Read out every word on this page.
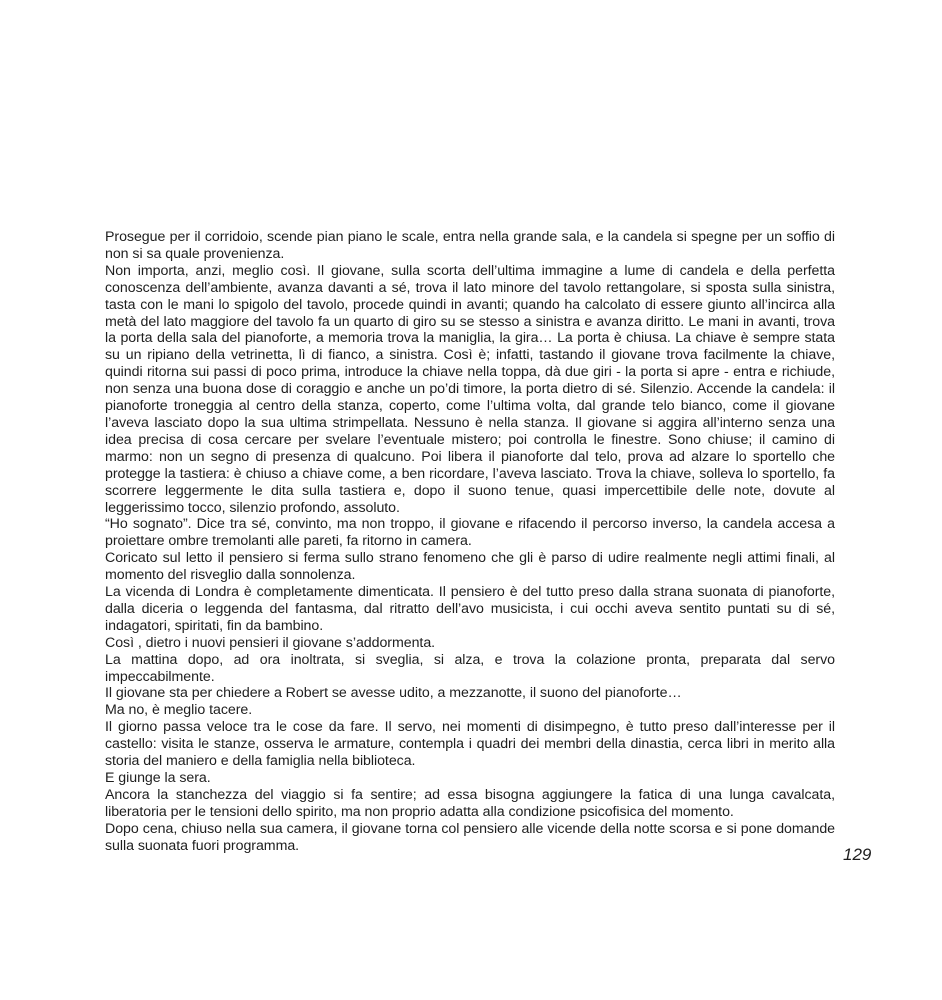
Prosegue per il corridoio, scende pian piano le scale, entra nella grande sala, e la candela si spegne per un soffio di non si sa quale provenienza.

Non importa, anzi, meglio così. Il giovane, sulla scorta dell’ultima immagine a lume di candela e della perfetta conoscenza dell’ambiente, avanza davanti a sé, trova il lato minore del tavolo rettangolare, si sposta sulla sinistra, tasta con le mani lo spigolo del tavolo, procede quindi in avanti; quando ha calcolato di essere giunto all’incirca alla metà del lato maggiore del tavolo fa un quarto di giro su se stesso a sinistra e avanza diritto. Le mani in avanti, trova la porta della sala del pianoforte, a memoria trova la maniglia, la gira… La porta è chiusa. La chiave è sempre stata su un ripiano della vetrinetta, lì di fianco, a sinistra. Così è; infatti, tastando il giovane trova facilmente la chiave, quindi ritorna sui passi di poco prima, introduce la chiave nella toppa, dà due giri - la porta si apre - entra e richiude, non senza una buona dose di coraggio e anche un po’di timore, la porta dietro di sé. Silenzio. Accende la candela: il pianoforte troneggia al centro della stanza, coperto, come l’ultima volta, dal grande telo bianco, come il giovane l’aveva lasciato dopo la sua ultima strimpellata. Nessuno è nella stanza. Il giovane si aggira all’interno senza una idea precisa di cosa cercare per svelare l’eventuale mistero; poi controlla le finestre. Sono chiuse; il camino di marmo: non un segno di presenza di qualcuno. Poi libera il pianoforte dal telo, prova ad alzare lo sportello che protegge la tastiera: è chiuso a chiave come, a ben ricordare, l’aveva lasciato. Trova la chiave, solleva lo sportello, fa scorrere leggermente le dita sulla tastiera e, dopo il suono tenue, quasi impercettibile delle note, dovute al leggerissimo tocco, silenzio profondo, assoluto.

“Ho sognato”. Dice tra sé, convinto, ma non troppo, il giovane e rifacendo il percorso inverso, la candela accesa a proiettare ombre tremolanti alle pareti, fa ritorno in camera.

Coricato sul letto il pensiero si ferma sullo strano fenomeno che gli è parso di udire realmente negli attimi finali, al momento del risveglio dalla sonnolenza.

La vicenda di Londra è completamente dimenticata. Il pensiero è del tutto preso dalla strana suonata di pianoforte, dalla diceria o leggenda del fantasma, dal ritratto dell’avo musicista, i cui occhi aveva sentito puntati su di sé, indagatori, spiritati, fin da bambino.

Così , dietro i nuovi pensieri il giovane s’addormenta.

La mattina dopo, ad ora inoltrata, si sveglia, si alza, e trova la colazione pronta, preparata dal servo impeccabilmente.

Il giovane sta per chiedere a Robert se avesse udito, a mezzanotte, il suono del pianoforte…

Ma no, è meglio tacere.

Il giorno passa veloce tra le cose da fare. Il servo, nei momenti di disimpegno, è tutto preso dall’interesse per il castello: visita le stanze, osserva le armature, contempla i quadri dei membri della dinastia, cerca libri in merito alla storia del maniero e della famiglia nella biblioteca.

E giunge la sera.

Ancora la stanchezza del viaggio si fa sentire; ad essa bisogna aggiungere la fatica di una lunga cavalcata, liberatoria per le tensioni dello spirito, ma non proprio adatta alla condizione psicofisica del momento.

Dopo cena, chiuso nella sua camera, il giovane torna col pensiero alle vicende della notte scorsa e si pone domande sulla suonata fuori programma.	129
